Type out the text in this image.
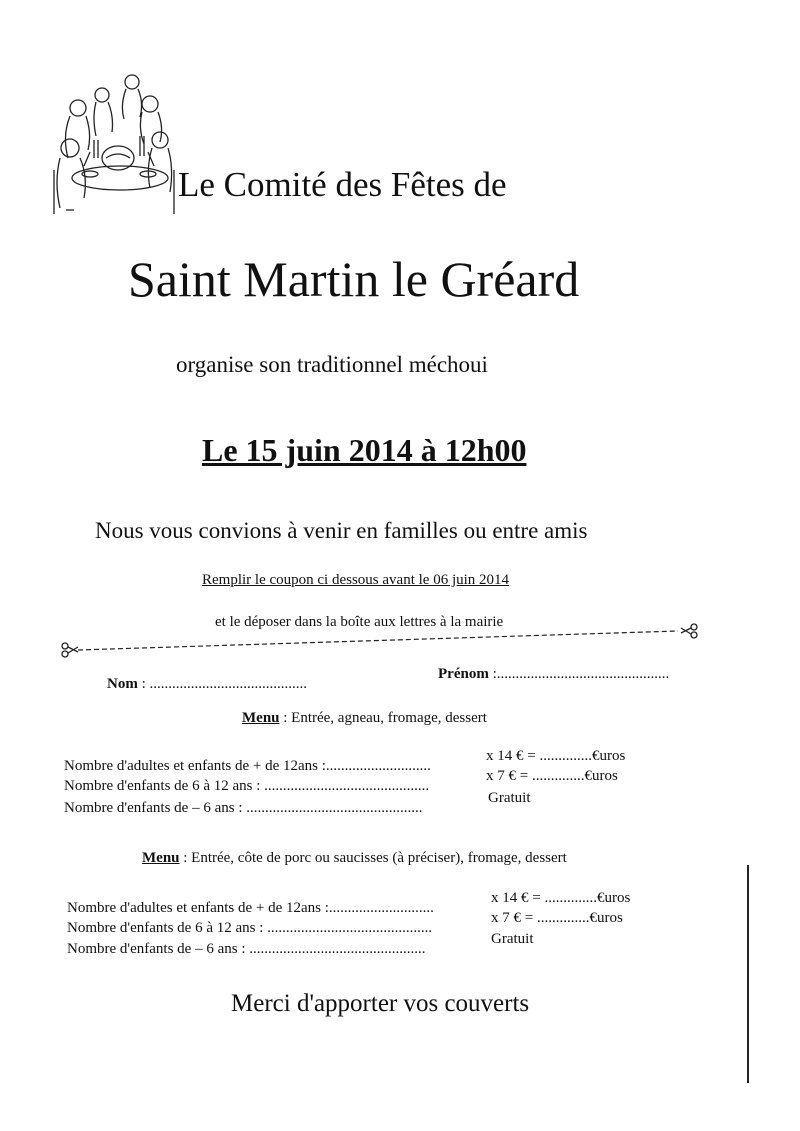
Le Comité des Fêtes de
Saint Martin le Gréard
organise son traditionnel méchoui
Le 15 juin 2014 à 12h00
Nous vous convions à venir en familles ou entre amis
Remplir le coupon ci dessous avant le 06 juin 2014
et le déposer dans la boîte aux lettres à la mairie
Nom : ..........................................
Prénom :..............................................
Menu : Entrée, agneau, fromage, dessert
Nombre d'adultes et enfants de + de 12ans :............................
x 14 € = ..............€uros
Nombre d'enfants de 6 à 12 ans : ............................................
x 7 € = ..............€uros
Nombre d'enfants de – 6 ans : ...............................................
Gratuit
Menu : Entrée, côte de porc ou saucisses (à préciser), fromage, dessert
Nombre d'adultes et enfants de + de 12ans :............................
x 14 € = ..............€uros
Nombre d'enfants de 6 à 12 ans : ............................................
x 7 € = ..............€uros
Nombre d'enfants de – 6 ans : ...............................................
Gratuit
Merci d'apporter vos couverts
